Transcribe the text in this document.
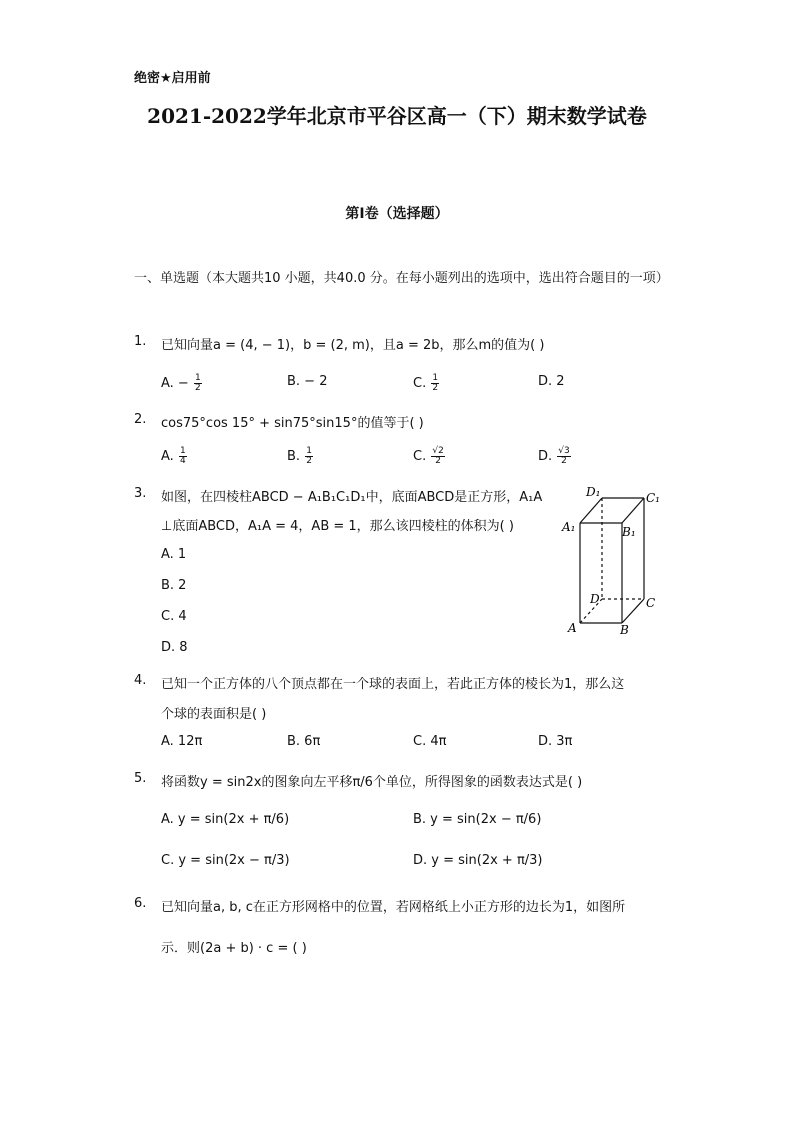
绝密★启用前
2021-2022学年北京市平谷区高一（下）期末数学试卷
第I卷（选择题）
一、单选题（本大题共10 小题，共40.0 分。在每小题列出的选项中，选出符合题目的一项）
1. 已知向量a = (4, − 1)，b = (2, m)，且a = 2b，那么m的值为( )
A. − $\frac{1}{2}$	B. − 2	C. $\frac{1}{2}$	D. 2
2. cos75°cos 15° + sin75°sin15°的值等于( )
A. $\frac{1}{4}$	B. $\frac{1}{2}$	C. $\frac{√2}{2}$	D. $\frac{√3}{2}$
3. 如图，在四棱柱ABCD − A₁B₁C₁D₁中，底面ABCD是正方形，A₁A
⊥底面ABCD，A₁A = 4，AB = 1，那么该四棱柱的体积为( )
A. 1
B. 2
C. 4
D. 8
D₁	C₁
A₁	B₁
D	C
A	B
4. 已知一个正方体的八个顶点都在一个球的表面上，若此正方体的棱长为1，那么这
个球的表面积是( )
A. 12π	B. 6π	C. 4π	D. 3π
5. 将函数y = sin2x的图象向左平移π/6个单位，所得图象的函数表达式是( )
A. y = sin(2x + π/6)	B. y = sin(2x − π/6)
C. y = sin(2x − π/3)	D. y = sin(2x + π/3)
6. 已知向量a, b, c在正方形网格中的位置，若网格纸上小正方形的边长为1，如图所
示．则(2a + b) · c = ( )
